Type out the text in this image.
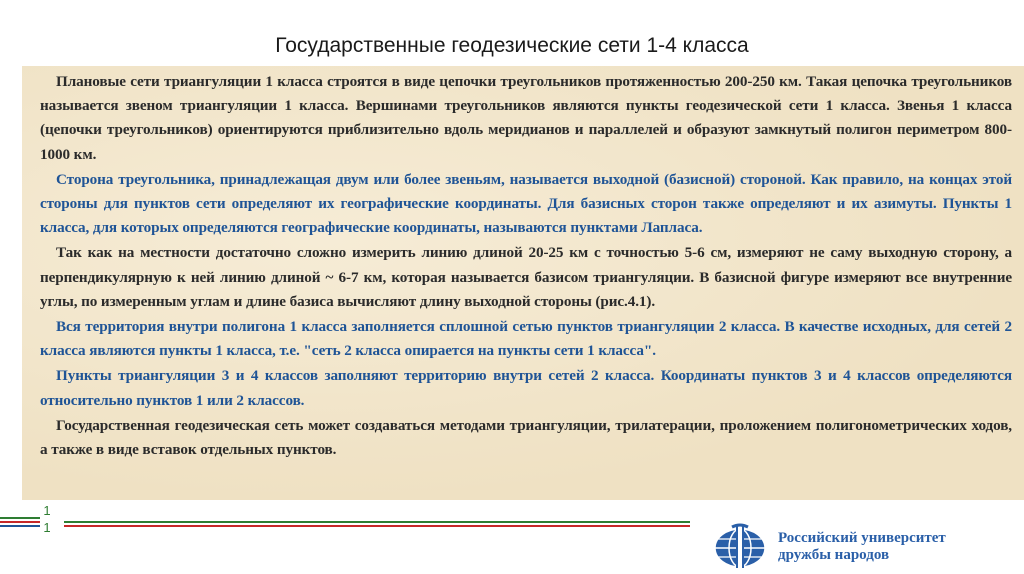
Государственные геодезические сети 1-4 класса

Плановые сети триангуляции 1 класса строятся в виде цепочки треугольников протяженностью 200-250 км. Такая цепочка треугольников называется звеном триангуляции 1 класса. Вершинами треугольников являются пункты геодезической сети 1 класса. Звенья 1 класса (цепочки треугольников) ориентируются приблизительно вдоль меридианов и параллелей и образуют замкнутый полигон периметром 800-1000 км.

Сторона треугольника, принадлежащая двум или более звеньям, называется выходной (базисной) стороной. Как правило, на концах этой стороны для пунктов сети определяют их географические координаты. Для базисных сторон также определяют и их азимуты. Пункты 1 класса, для которых определяются географические координаты, называются пунктами Лапласа.

Так как на местности достаточно сложно измерить линию длиной 20-25 км с точностью 5-6 см, измеряют не саму выходную сторону, а перпендикулярную к ней линию длиной ~ 6-7 км, которая называется базисом триангуляции. В базисной фигуре измеряют все внутренние углы, по измеренным углам и длине базиса вычисляют длину выходной стороны (рис.4.1).

Вся территория внутри полигона 1 класса заполняется сплошной сетью пунктов триангуляции 2 класса. В качестве исходных, для сетей 2 класса являются пункты 1 класса, т.е. "сеть 2 класса опирается на пункты сети 1 класса".

Пункты триангуляции 3 и 4 классов заполняют территорию внутри сетей 2 класса. Координаты пунктов 3 и 4 классов определяются относительно пунктов 1 или 2 классов.

Государственная геодезическая сеть может создаваться методами триангуляции, трилатерации, проложением полигонометрических ходов, а также в виде вставок отдельных пунктов.

1
1
Российский университет
дружбы народов
